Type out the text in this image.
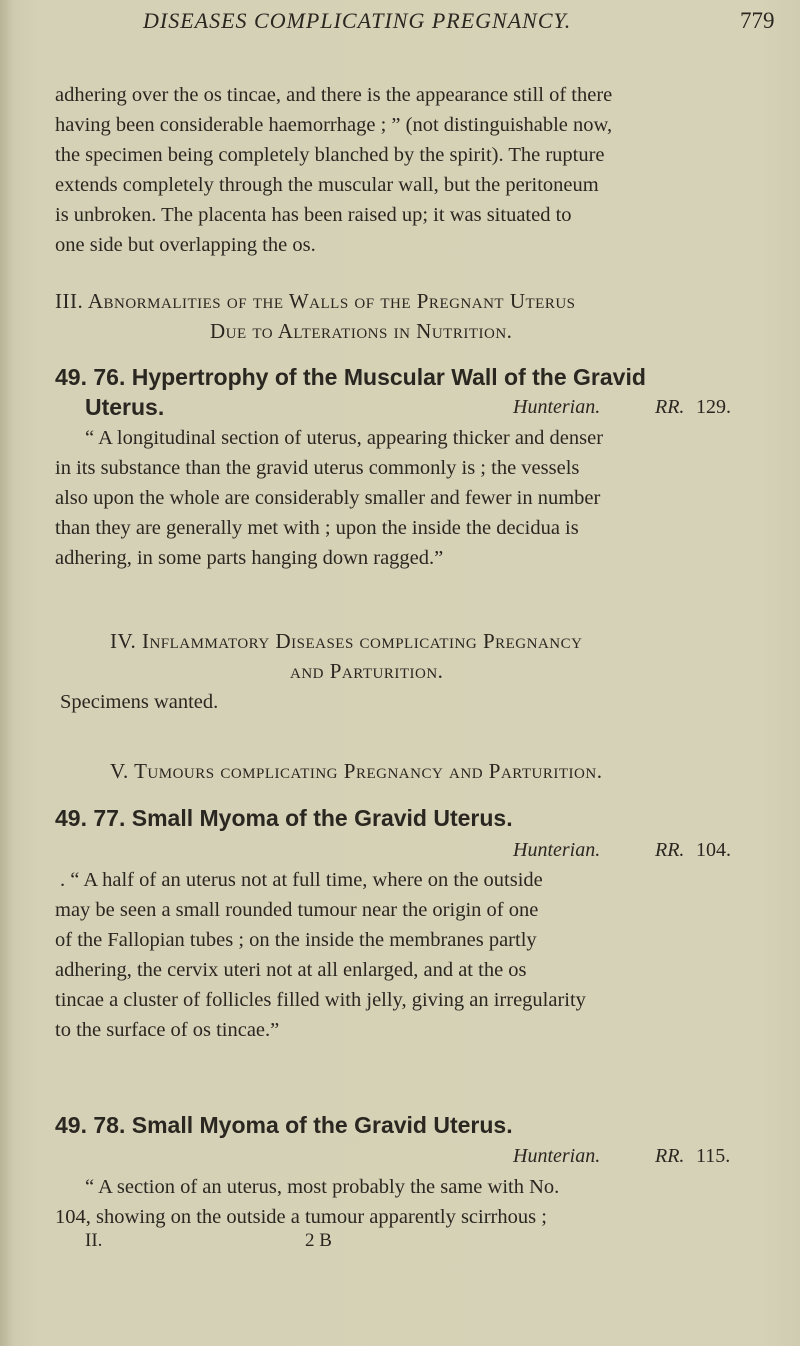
DISEASES COMPLICATING PREGNANCY.	779
adhering over the os tincae, and there is the appearance still of there
having been considerable haemorrhage ; ” (not distinguishable now,
the specimen being completely blanched by the spirit). The rupture
extends completely through the muscular wall, but the peritoneum
is unbroken. The placenta has been raised up; it was situated to
one side but overlapping the os.
III. Abnormalities of the Walls of the Pregnant Uterus
Due to Alterations in Nutrition.
49. 76. Hypertrophy of the Muscular Wall of the Gravid
Uterus.	Hunterian.	RR. 129.
“ A longitudinal section of uterus, appearing thicker and denser
in its substance than the gravid uterus commonly is ; the vessels
also upon the whole are considerably smaller and fewer in number
than they are generally met with ; upon the inside the decidua is
adhering, in some parts hanging down ragged.”
IV. Inflammatory Diseases complicating Pregnancy
and Parturition.
Specimens wanted.
V. Tumours complicating Pregnancy and Parturition.
49. 77. Small Myoma of the Gravid Uterus.
Hunterian.	RR. 104.
. “ A half of an uterus not at full time, where on the outside
may be seen a small rounded tumour near the origin of one
of the Fallopian tubes ; on the inside the membranes partly
adhering, the cervix uteri not at all enlarged, and at the os
tincae a cluster of follicles filled with jelly, giving an irregularity
to the surface of os tincae.”
49. 78. Small Myoma of the Gravid Uterus.
Hunterian.	RR. 115.
“ A section of an uterus, most probably the same with No.
104, showing on the outside a tumour apparently scirrhous ;
II.	2 B
